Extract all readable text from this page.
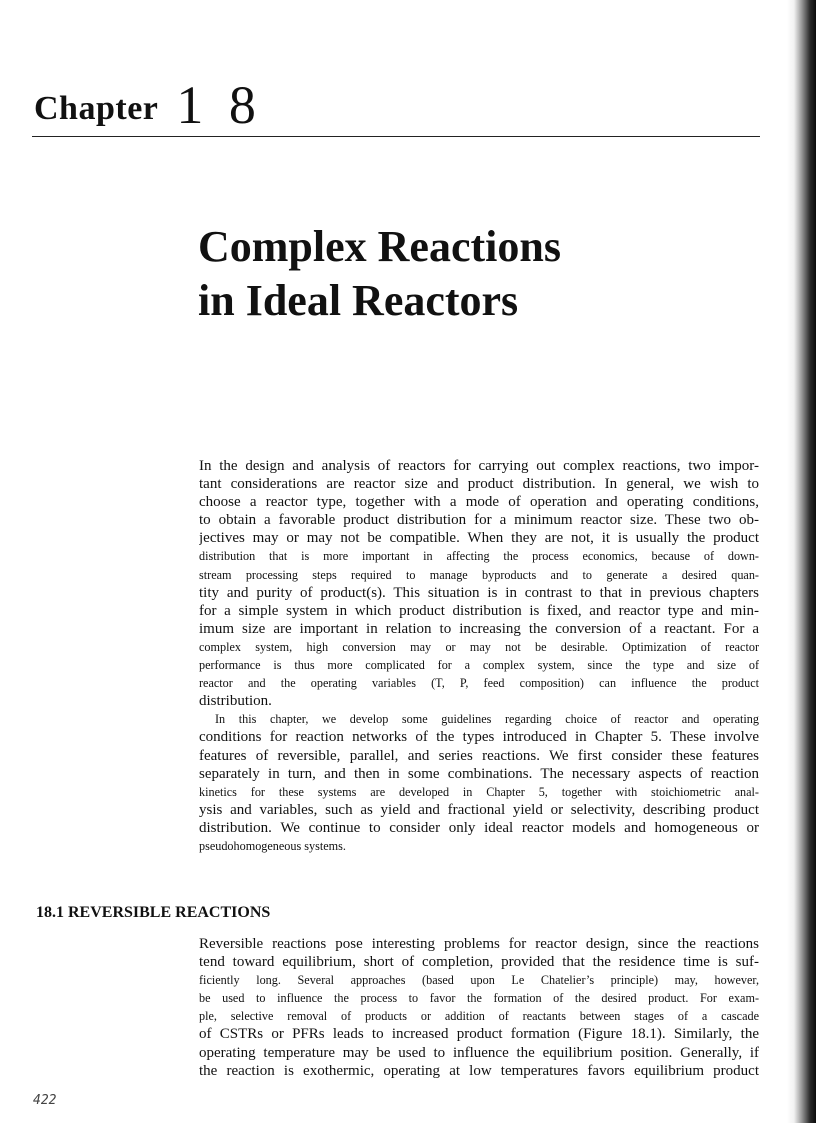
Chapter 1 8
Complex Reactions
in Ideal Reactors
In the design and analysis of reactors for carrying out complex reactions, two impor-
tant considerations are reactor size and product distribution. In general, we wish to
choose a reactor type, together with a mode of operation and operating conditions,
to obtain a favorable product distribution for a minimum reactor size. These two ob-
jectives may or may not be compatible. When they are not, it is usually the product
distribution that is more important in affecting the process economics, because of down-
stream processing steps required to manage byproducts and to generate a desired quan-
tity and purity of product(s). This situation is in contrast to that in previous chapters
for a simple system in which product distribution is fixed, and reactor type and min-
imum size are important in relation to increasing the conversion of a reactant. For a
complex system, high conversion may or may not be desirable. Optimization of reactor
performance is thus more complicated for a complex system, since the type and size of
reactor and the operating variables (T, P, feed composition) can influence the product
distribution.
In this chapter, we develop some guidelines regarding choice of reactor and operating
conditions for reaction networks of the types introduced in Chapter 5. These involve
features of reversible, parallel, and series reactions. We first consider these features
separately in turn, and then in some combinations. The necessary aspects of reaction
kinetics for these systems are developed in Chapter 5, together with stoichiometric anal-
ysis and variables, such as yield and fractional yield or selectivity, describing product
distribution. We continue to consider only ideal reactor models and homogeneous or
pseudohomogeneous systems.
18.1 REVERSIBLE REACTIONS
Reversible reactions pose interesting problems for reactor design, since the reactions
tend toward equilibrium, short of completion, provided that the residence time is suf-
ficiently long. Several approaches (based upon Le Chatelier’s principle) may, however,
be used to influence the process to favor the formation of the desired product. For exam-
ple, selective removal of products or addition of reactants between stages of a cascade
of CSTRs or PFRs leads to increased product formation (Figure 18.1). Similarly, the
operating temperature may be used to influence the equilibrium position. Generally, if
the reaction is exothermic, operating at low temperatures favors equilibrium product
422
